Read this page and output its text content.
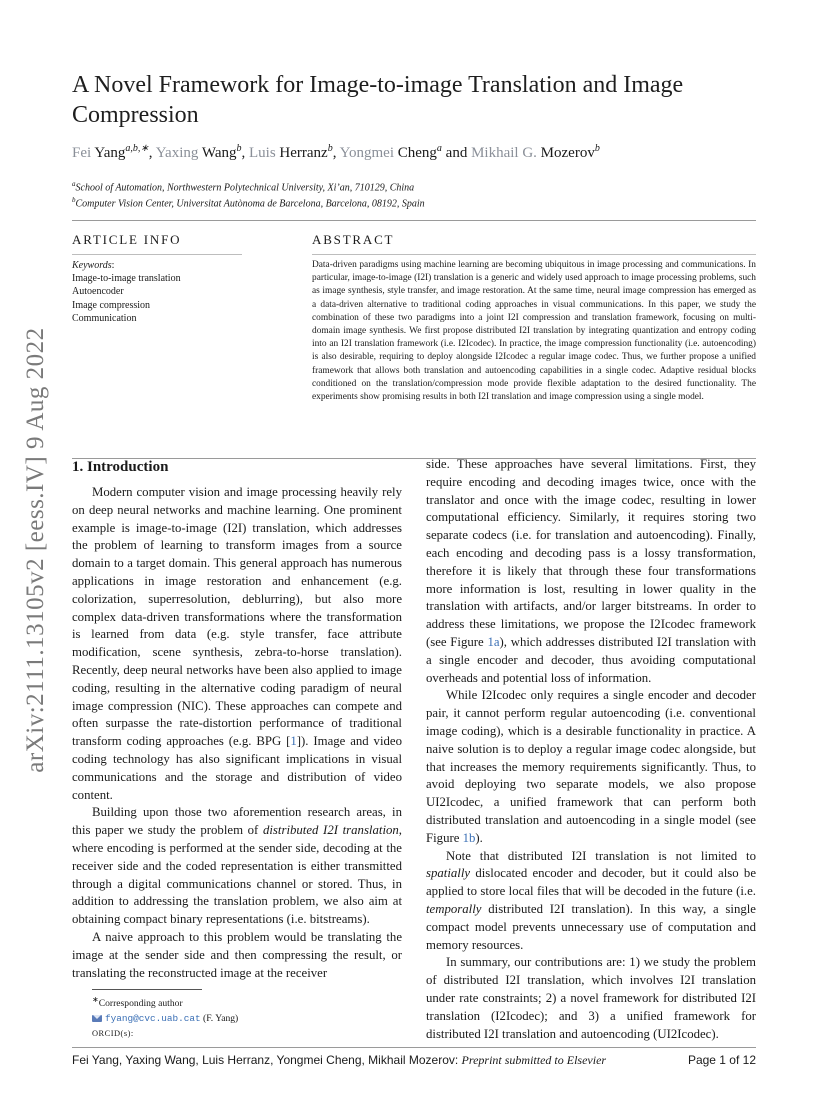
arXiv:2111.13105v2 [eess.IV] 9 Aug 2022
A Novel Framework for Image-to-image Translation and Image Compression
Fei Yang$^{a,b,∗}$, Yaxing Wang$^b$, Luis Herranz$^b$, Yongmei Cheng$^a$ and Mikhail G. Mozerov$^b$
$^a$School of Automation, Northwestern Polytechnical University, Xi’an, 710129, China
$^b$Computer Vision Center, Universitat Autònoma de Barcelona, Barcelona, 08192, Spain
ARTICLE INFO	ABSTRACT
Keywords:
Image-to-image translation
Autoencoder
Image compression
Communication
Data-driven paradigms using machine learning are becoming ubiquitous in image processing and communications. In particular, image-to-image (I2I) translation is a generic and widely used approach to image processing problems, such as image synthesis, style transfer, and image restoration. At the same time, neural image compression has emerged as a data-driven alternative to traditional coding approaches in visual communications. In this paper, we study the combination of these two paradigms into a joint I2I compression and translation framework, focusing on multi-domain image synthesis. We first propose distributed I2I translation by integrating quantization and entropy coding into an I2I translation framework (i.e. I2Icodec). In practice, the image compression functionality (i.e. autoencoding) is also desirable, requiring to deploy alongside I2Icodec a regular image codec. Thus, we further propose a unified framework that allows both translation and autoencoding capabilities in a single codec. Adaptive residual blocks conditioned on the translation/compression mode provide flexible adaptation to the desired functionality. The experiments show promising results in both I2I translation and image compression using a single model.
1. Introduction

Modern computer vision and image processing heavily rely on deep neural networks and machine learning. One prominent example is image-to-image (I2I) translation, which addresses the problem of learning to transform images from a source domain to a target domain. This general approach has numerous applications in image restoration and enhancement (e.g. colorization, superresolution, deblurring), but also more complex data-driven transformations where the transformation is learned from data (e.g. style transfer, face attribute modification, scene synthesis, zebra-to-horse translation). Recently, deep neural networks have been also applied to image coding, resulting in the alternative coding paradigm of neural image compression (NIC). These approaches can compete and often surpasse the rate-distortion performance of traditional transform coding approaches (e.g. BPG [1]). Image and video coding technology has also significant implications in visual communications and the storage and distribution of video content.

Building upon those two aforemention research areas, in this paper we study the problem of distributed I2I translation, where encoding is performed at the sender side, decoding at the receiver side and the coded representation is either transmitted through a digital communications channel or stored. Thus, in addition to addressing the translation problem, we also aim at obtaining compact binary representations (i.e. bitstreams).

A naive approach to this problem would be translating the image at the sender side and then compressing the result, or translating the reconstructed image at the receiver

side. These approaches have several limitations. First, they require encoding and decoding images twice, once with the translator and once with the image codec, resulting in lower computational efficiency. Similarly, it requires storing two separate codecs (i.e. for translation and autoencoding). Finally, each encoding and decoding pass is a lossy transformation, therefore it is likely that through these four transformations more information is lost, resulting in lower quality in the translation with artifacts, and/or larger bitstreams. In order to address these limitations, we propose the I2Icodec framework (see Figure 1a), which addresses distributed I2I translation with a single encoder and decoder, thus avoiding computational overheads and potential loss of information.

While I2Icodec only requires a single encoder and decoder pair, it cannot perform regular autoencoding (i.e. conventional image coding), which is a desirable functionality in practice. A naive solution is to deploy a regular image codec alongside, but that increases the memory requirements significantly. Thus, to avoid deploying two separate models, we also propose UI2Icodec, a unified framework that can perform both distributed translation and autoencoding in a single model (see Figure 1b).

Note that distributed I2I translation is not limited to spatially dislocated encoder and decoder, but it could also be applied to store local files that will be decoded in the future (i.e. temporally distributed I2I translation). In this way, a single compact model prevents unnecessary use of computation and memory resources.

In summary, our contributions are: 1) we study the problem of distributed I2I translation, which involves I2I translation under rate constraints; 2) a novel framework for distributed I2I translation (I2Icodec); and 3) a unified framework for distributed I2I translation and autoencoding (UI2Icodec).

∗Corresponding author
fyang@cvc.uab.cat (F. Yang)
ORCID(s):
Fei Yang, Yaxing Wang, Luis Herranz, Yongmei Cheng, Mikhail Mozerov: Preprint submitted to Elsevier	Page 1 of 12
